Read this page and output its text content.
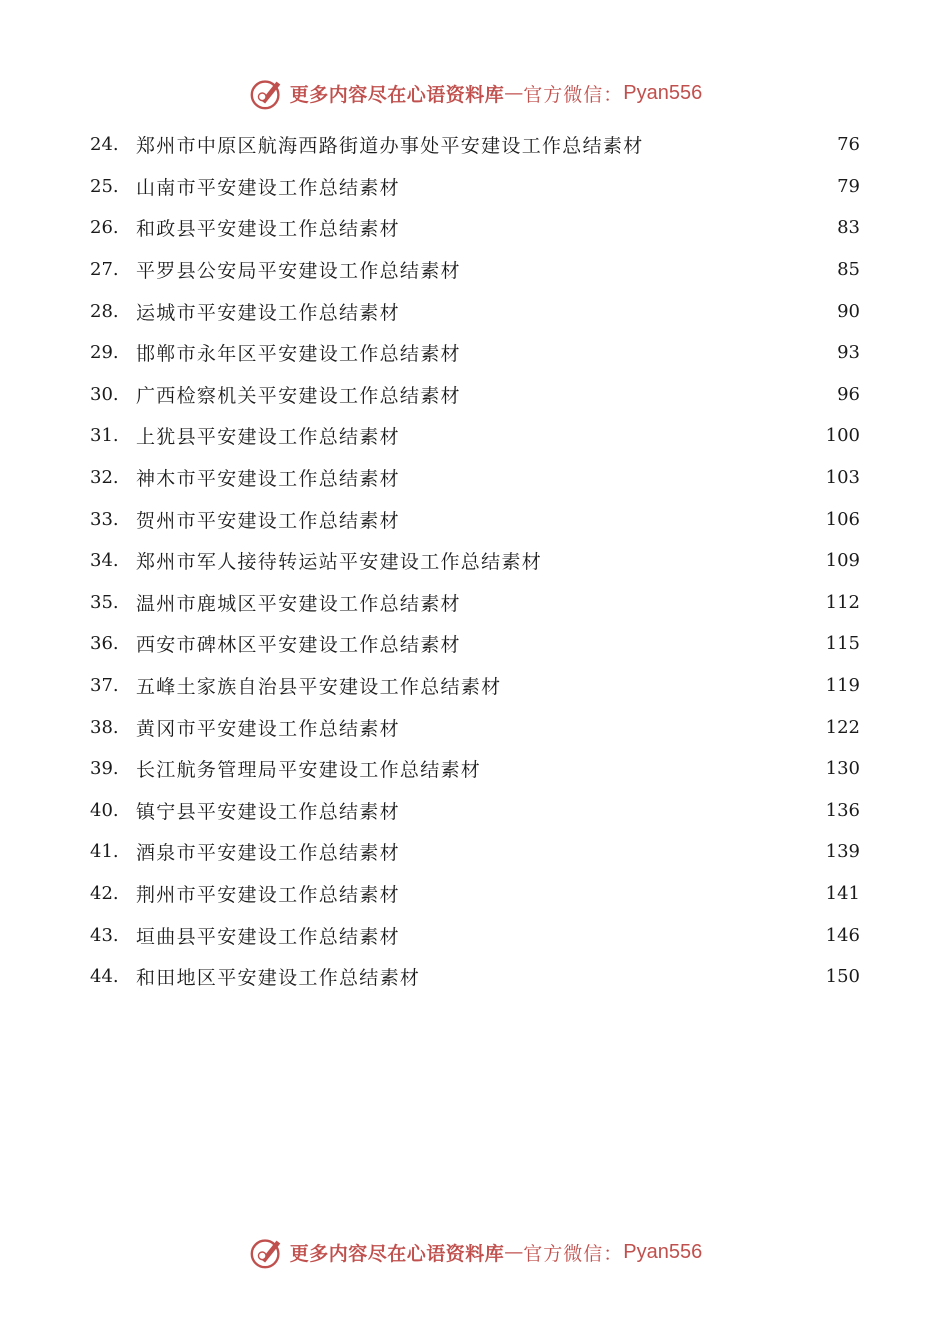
更多内容尽在心语资料库 — 官方微信： Pyan556
24. 郑州市中原区航海西路街道办事处平安建设工作总结素材	76
25. 山南市平安建设工作总结素材	79
26. 和政县平安建设工作总结素材	83
27. 平罗县公安局平安建设工作总结素材	85
28. 运城市平安建设工作总结素材	90
29. 邯郸市永年区平安建设工作总结素材	93
30. 广西检察机关平安建设工作总结素材	96
31. 上犹县平安建设工作总结素材	100
32. 神木市平安建设工作总结素材	103
33. 贺州市平安建设工作总结素材	106
34. 郑州市军人接待转运站平安建设工作总结素材	109
35. 温州市鹿城区平安建设工作总结素材	112
36. 西安市碑林区平安建设工作总结素材	115
37. 五峰土家族自治县平安建设工作总结素材	119
38. 黄冈市平安建设工作总结素材	122
39. 长江航务管理局平安建设工作总结素材	130
40. 镇宁县平安建设工作总结素材	136
41. 酒泉市平安建设工作总结素材	139
42. 荆州市平安建设工作总结素材	141
43. 垣曲县平安建设工作总结素材	146
44. 和田地区平安建设工作总结素材	150
更多内容尽在心语资料库 — 官方微信： Pyan556
